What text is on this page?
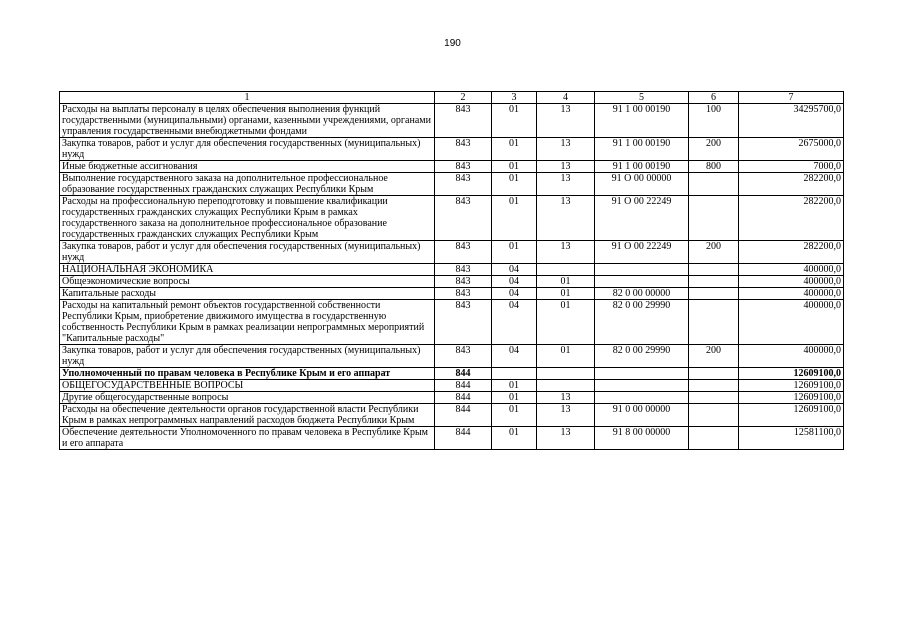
190
1	2	3	4	5	6	7
Расходы на выплаты персоналу в целях обеспечения выполнения функций государственными (муниципальными) органами, казенными учреждениями, органами управления государственными внебюджетными фондами	843	01	13	91 1 00 00190	100	34295700,0
Закупка товаров, работ и услуг для обеспечения государственных (муниципальных) нужд	843	01	13	91 1 00 00190	200	2675000,0
Иные бюджетные ассигнования	843	01	13	91 1 00 00190	800	7000,0
Выполнение государственного заказа на дополнительное профессиональное образование государственных гражданских служащих Республики Крым	843	01	13	91 О 00 00000		282200,0
Расходы на профессиональную переподготовку и повышение квалификации государственных гражданских служащих Республики Крым в рамках государственного заказа на дополнительное профессиональное образование государственных гражданских служащих Республики Крым	843	01	13	91 О 00 22249		282200,0
Закупка товаров, работ и услуг для обеспечения государственных (муниципальных) нужд	843	01	13	91 О 00 22249	200	282200,0
НАЦИОНАЛЬНАЯ ЭКОНОМИКА	843	04				400000,0
Общеэкономические вопросы	843	04	01			400000,0
Капитальные расходы	843	04	01	82 0 00 00000		400000,0
Расходы на капитальный ремонт объектов государственной собственности Республики Крым, приобретение движимого имущества в государственную собственность Республики Крым в рамках реализации непрограммных мероприятий "Капитальные расходы"	843	04	01	82 0 00 29990		400000,0
Закупка товаров, работ и услуг для обеспечения государственных (муниципальных) нужд	843	04	01	82 0 00 29990	200	400000,0
Уполномоченный по правам человека в Республике Крым и его аппарат	844					12609100,0
ОБЩЕГОСУДАРСТВЕННЫЕ ВОПРОСЫ	844	01				12609100,0
Другие общегосударственные вопросы	844	01	13			12609100,0
Расходы на обеспечение деятельности органов государственной власти Республики Крым в рамках непрограммных направлений расходов бюджета Республики Крым	844	01	13	91 0 00 00000		12609100,0
Обеспечение деятельности Уполномоченного по правам человека в Республике Крым и его аппарата	844	01	13	91 8 00 00000		12581100,0
